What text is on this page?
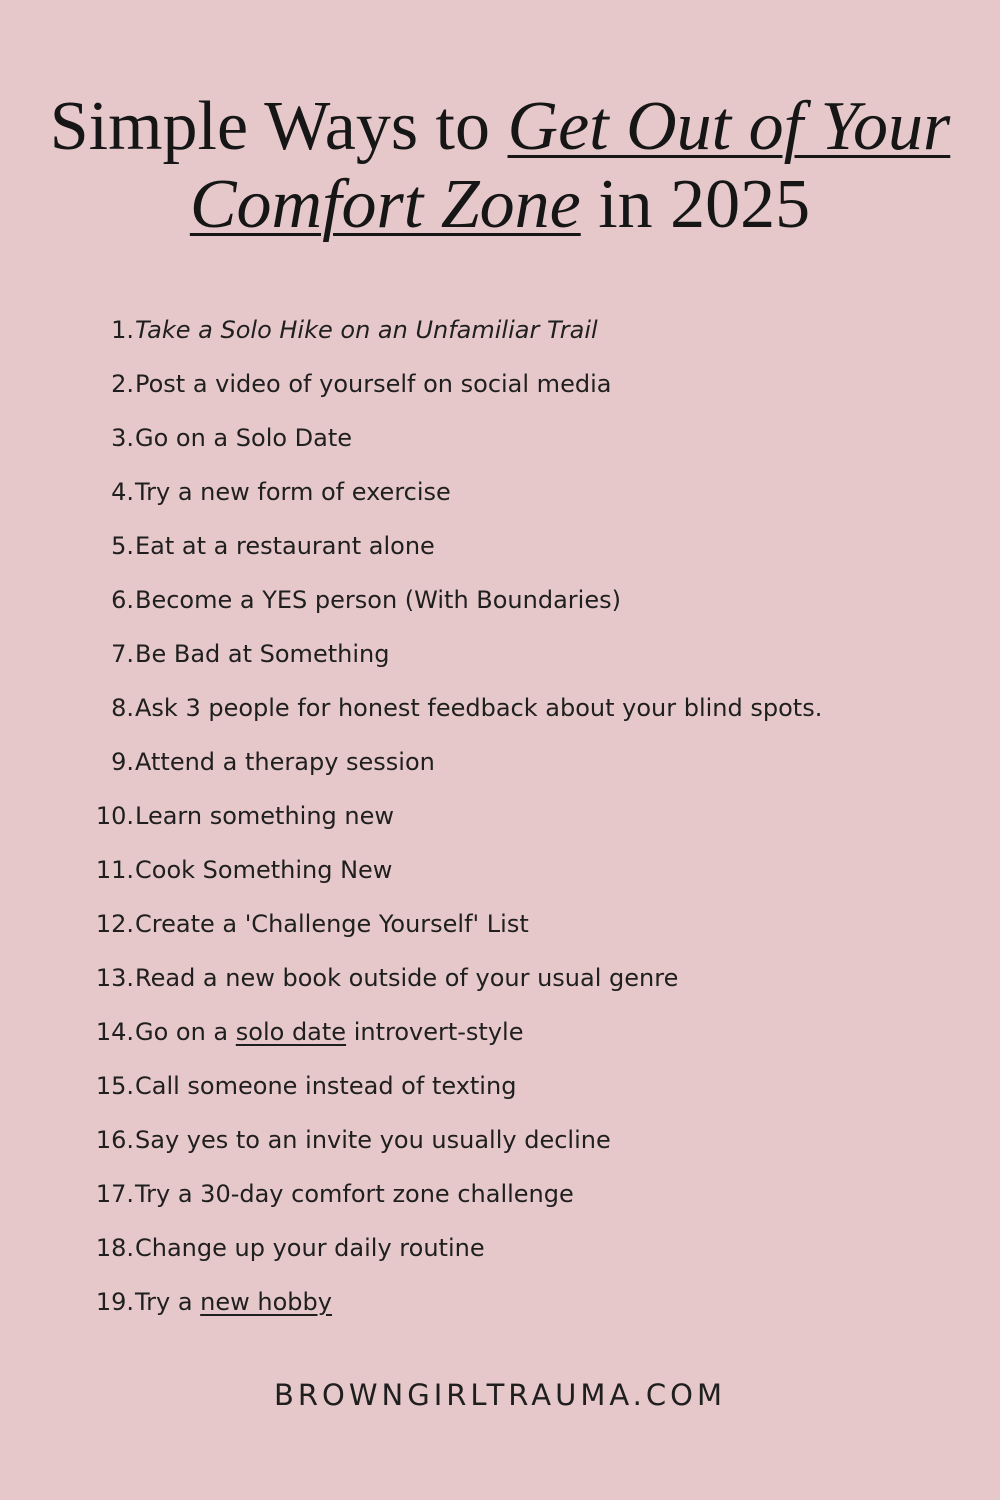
Simple Ways to Get Out of Your
Comfort Zone in 2025
1. Take a Solo Hike on an Unfamiliar Trail
2. Post a video of yourself on social media
3. Go on a Solo Date
4. Try a new form of exercise
5. Eat at a restaurant alone
6. Become a YES person (With Boundaries)
7. Be Bad at Something
8. Ask 3 people for honest feedback about your blind spots.
9. Attend a therapy session
10. Learn something new
11. Cook Something New
12. Create a 'Challenge Yourself' List
13. Read a new book outside of your usual genre
14. Go on a solo date introvert-style
15. Call someone instead of texting
16. Say yes to an invite you usually decline
17. Try a 30-day comfort zone challenge
18. Change up your daily routine
19. Try a new hobby
BROWNGIRLTRAUMA.COM
